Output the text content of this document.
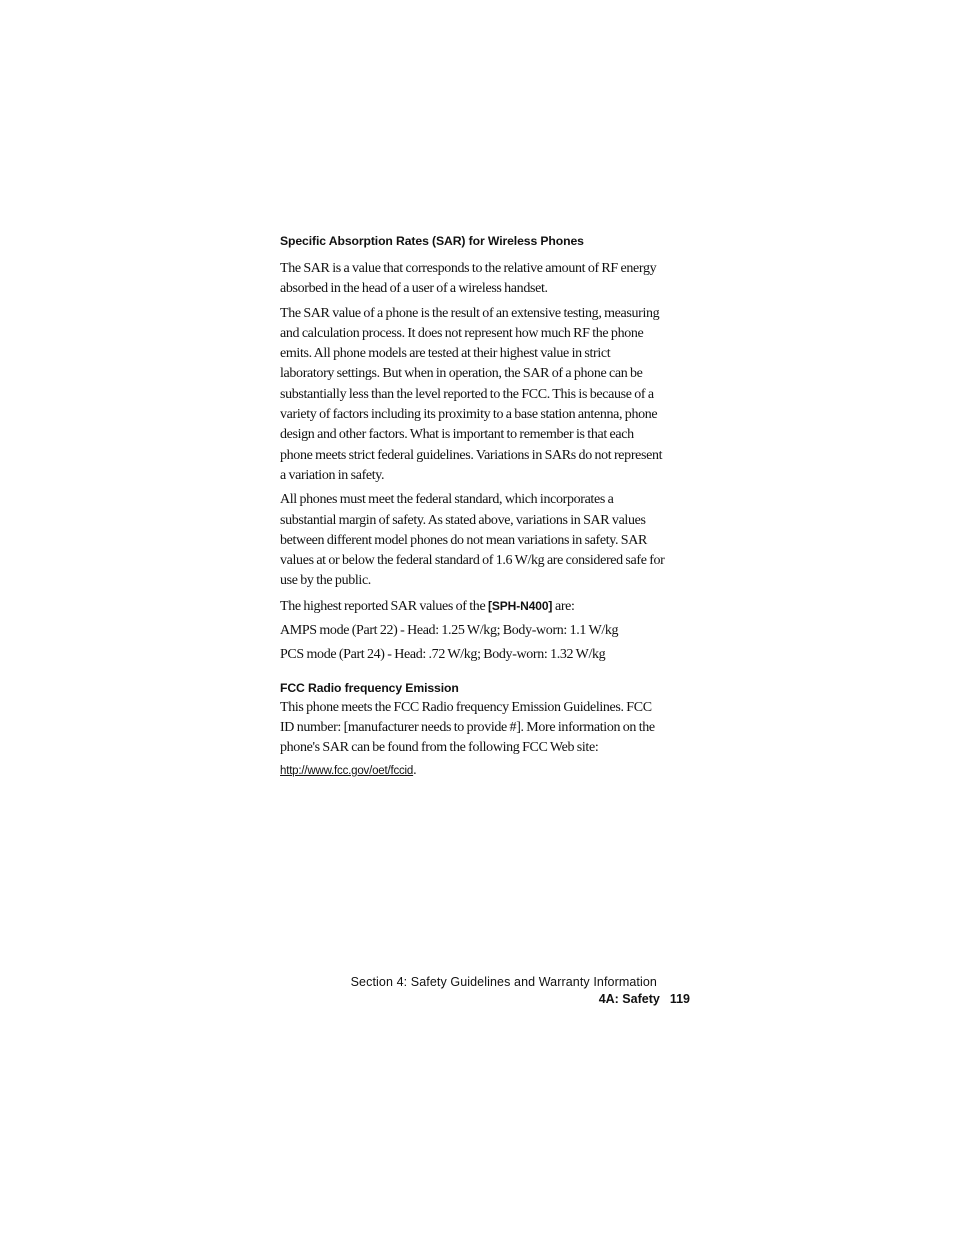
Specific Absorption Rates (SAR) for Wireless Phones

The SAR is a value that corresponds to the relative amount of RF energy absorbed in the head of a user of a wireless handset.

The SAR value of a phone is the result of an extensive testing, measuring and calculation process. It does not represent how much RF the phone emits. All phone models are tested at their highest value in strict laboratory settings. But when in operation, the SAR of a phone can be substantially less than the level reported to the FCC. This is because of a variety of factors including its proximity to a base station antenna, phone design and other factors. What is important to remember is that each phone meets strict federal guidelines. Variations in SARs do not represent a variation in safety.

All phones must meet the federal standard, which incorporates a substantial margin of safety. As stated above, variations in SAR values between different model phones do not mean variations in safety. SAR values at or below the federal standard of 1.6 W/kg are considered safe for use by the public.

The highest reported SAR values of the [SPH-N400] are:

AMPS mode (Part 22) - Head: 1.25 W/kg; Body-worn: 1.1 W/kg

PCS mode (Part 24) - Head: .72 W/kg; Body-worn: 1.32 W/kg

FCC Radio frequency Emission

This phone meets the FCC Radio frequency Emission Guidelines. FCC ID number: [manufacturer needs to provide #]. More information on the phone's SAR can be found from the following FCC Web site:

http://www.fcc.gov/oet/fccid.
Section 4: Safety Guidelines and Warranty Information
4A: Safety 119
